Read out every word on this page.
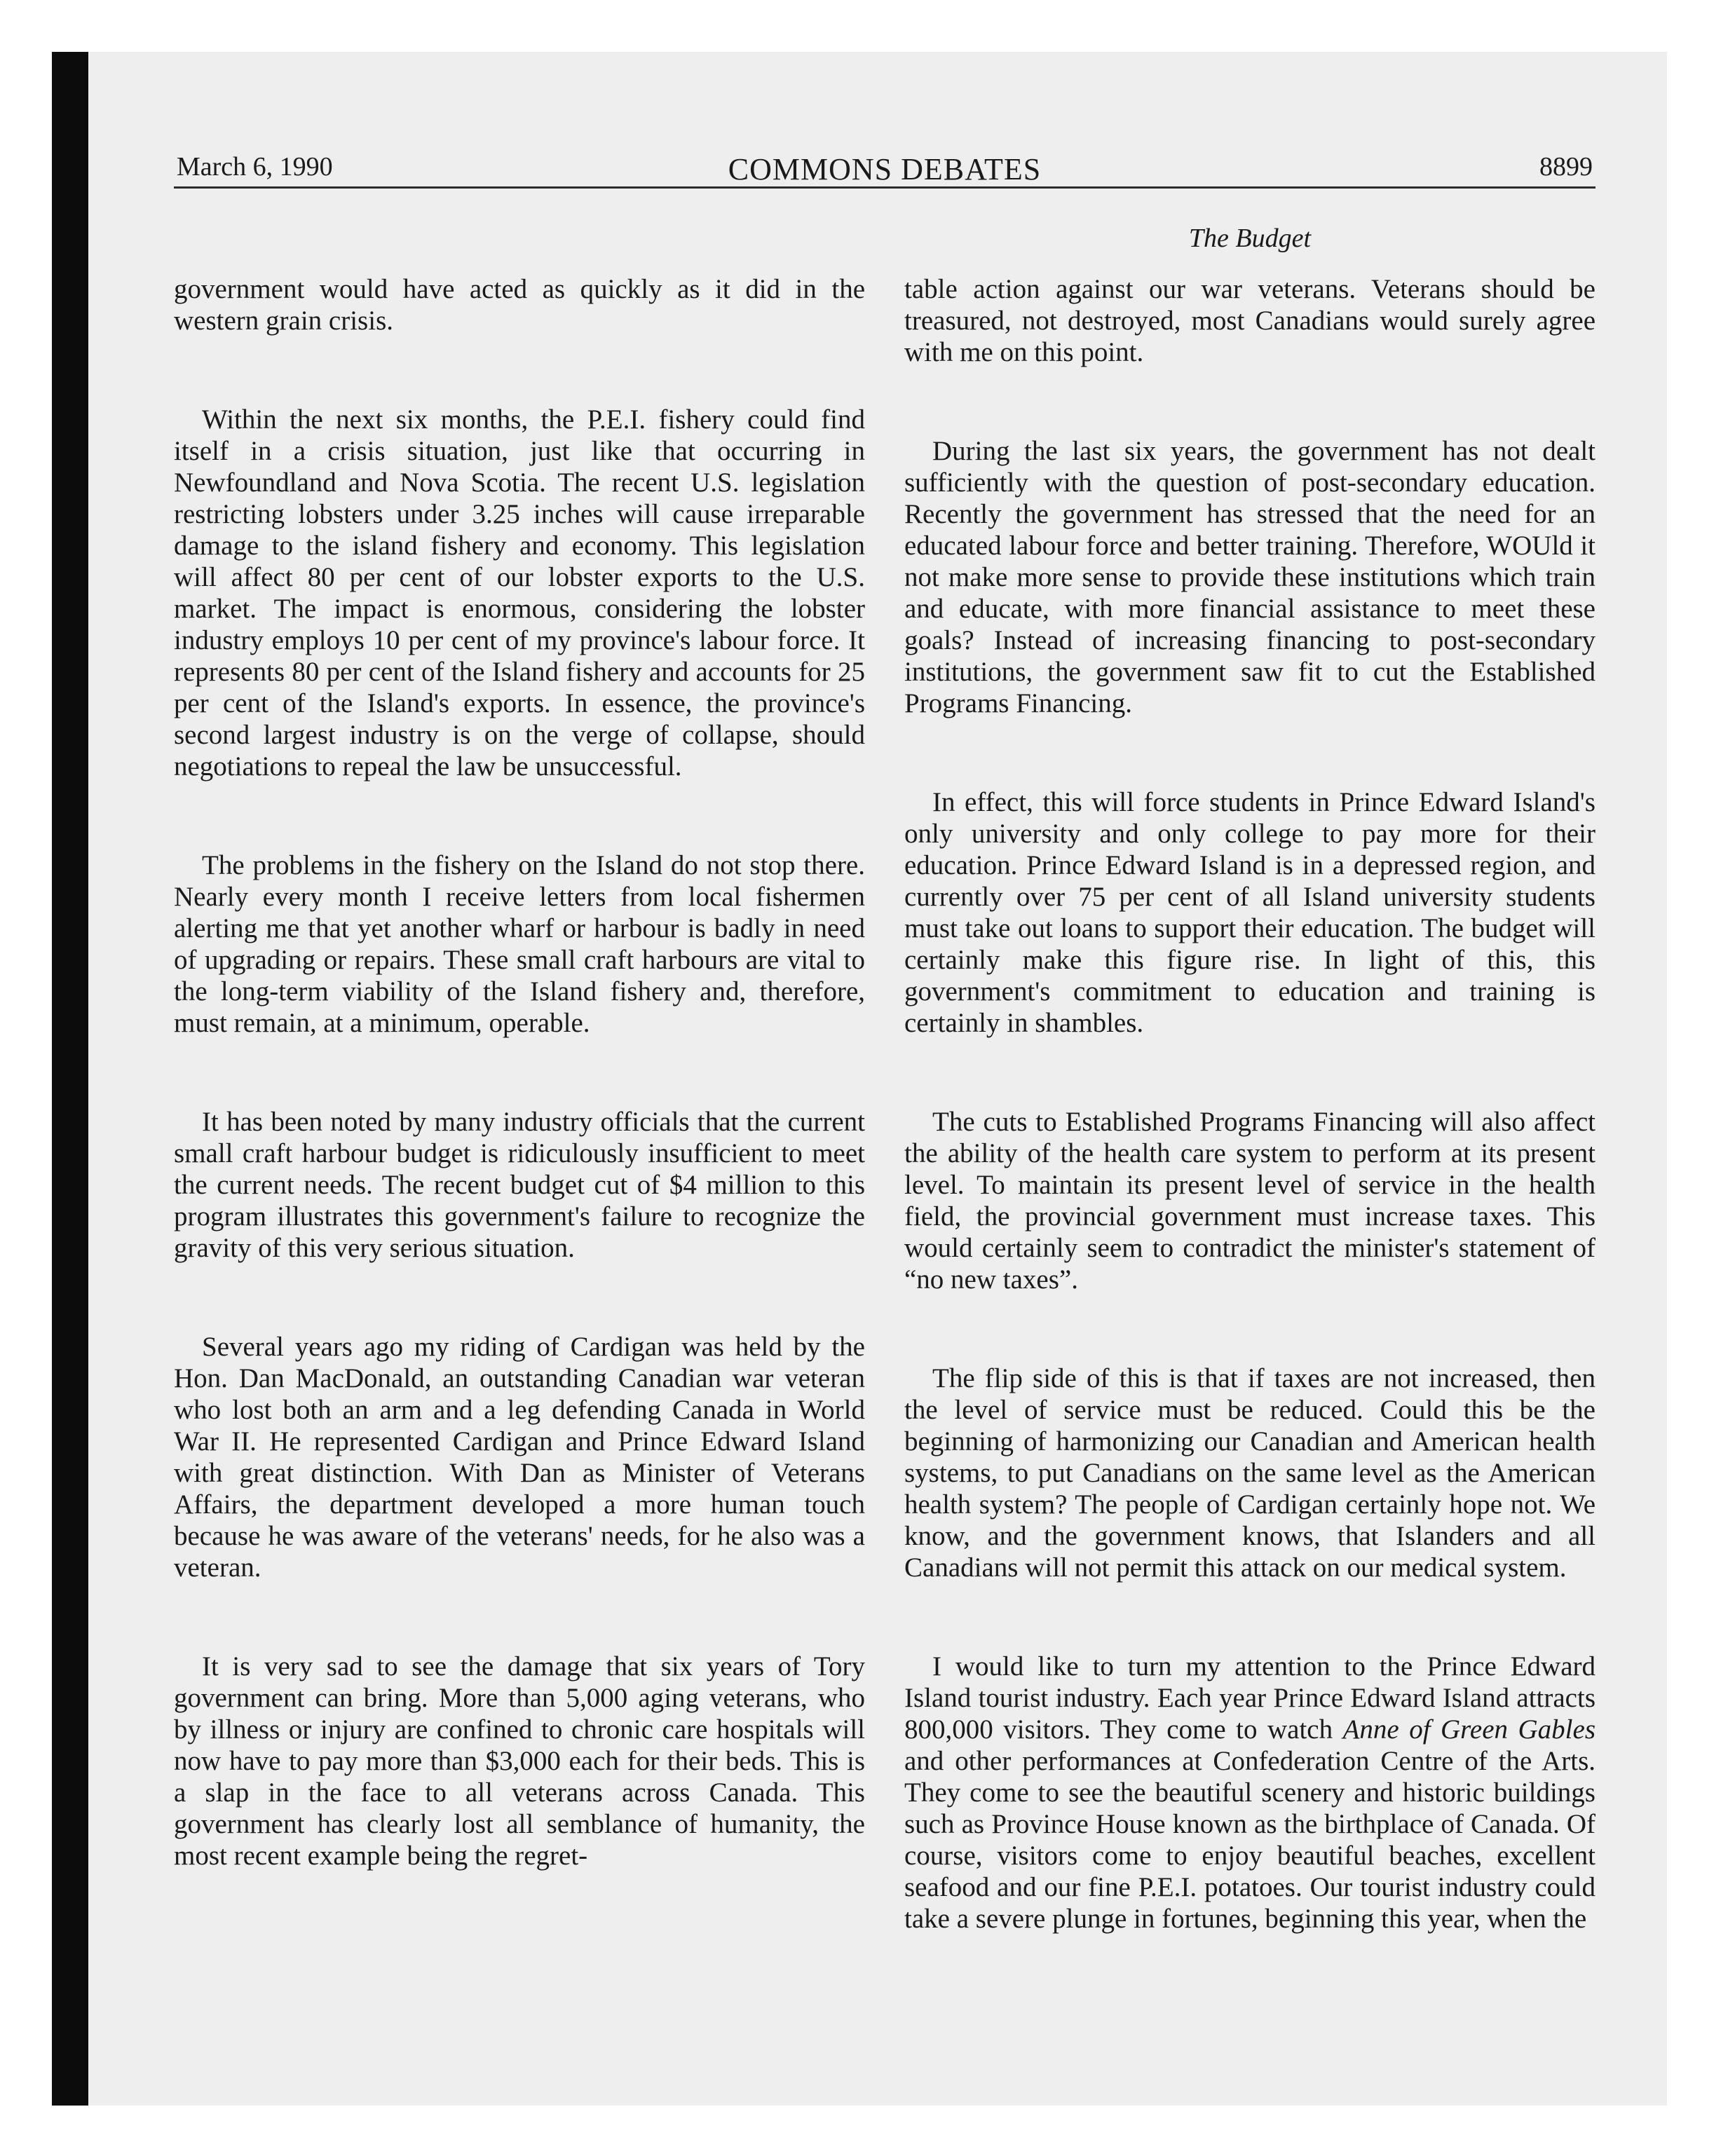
March 6, 1990	COMMONS DEBATES	8899
The Budget

government would have acted as quickly as it did in the western grain crisis.

Within the next six months, the P.E.I. fishery could find itself in a crisis situation, just like that occurring in Newfoundland and Nova Scotia. The recent U.S. legislation restricting lobsters under 3.25 inches will cause irreparable damage to the island fishery and economy. This legislation will affect 80 per cent of our lobster exports to the U.S. market. The impact is enormous, considering the lobster industry employs 10 per cent of my province's labour force. It represents 80 per cent of the Island fishery and accounts for 25 per cent of the Island's exports. In essence, the province's second largest industry is on the verge of collapse, should negotiations to repeal the law be unsuccessful.

The problems in the fishery on the Island do not stop there. Nearly every month I receive letters from local fishermen alerting me that yet another wharf or harbour is badly in need of upgrading or repairs. These small craft harbours are vital to the long-term viability of the Island fishery and, therefore, must remain, at a minimum, operable.

It has been noted by many industry officials that the current small craft harbour budget is ridiculously insufficient to meet the current needs. The recent budget cut of $4 million to this program illustrates this government's failure to recognize the gravity of this very serious situation.

Several years ago my riding of Cardigan was held by the Hon. Dan MacDonald, an outstanding Canadian war veteran who lost both an arm and a leg defending Canada in World War II. He represented Cardigan and Prince Edward Island with great distinction. With Dan as Minister of Veterans Affairs, the department developed a more human touch because he was aware of the veterans' needs, for he also was a veteran.

It is very sad to see the damage that six years of Tory government can bring. More than 5,000 aging veterans, who by illness or injury are confined to chronic care hospitals will now have to pay more than $3,000 each for their beds. This is a slap in the face to all veterans across Canada. This government has clearly lost all semblance of humanity, the most recent example being the regret-

table action against our war veterans. Veterans should be treasured, not destroyed, most Canadians would surely agree with me on this point.

During the last six years, the government has not dealt sufficiently with the question of post-secondary education. Recently the government has stressed that the need for an educated labour force and better training. Therefore, WOUld it not make more sense to provide these institutions which train and educate, with more financial assistance to meet these goals? Instead of increasing financing to post-secondary institutions, the government saw fit to cut the Established Programs Financing.

In effect, this will force students in Prince Edward Island's only university and only college to pay more for their education. Prince Edward Island is in a depressed region, and currently over 75 per cent of all Island university students must take out loans to support their education. The budget will certainly make this figure rise. In light of this, this government's commitment to education and training is certainly in shambles.

The cuts to Established Programs Financing will also affect the ability of the health care system to perform at its present level. To maintain its present level of service in the health field, the provincial government must increase taxes. This would certainly seem to contradict the minister's statement of “no new taxes”.

The flip side of this is that if taxes are not increased, then the level of service must be reduced. Could this be the beginning of harmonizing our Canadian and American health systems, to put Canadians on the same level as the American health system? The people of Cardigan certainly hope not. We know, and the government knows, that Islanders and all Canadians will not permit this attack on our medical system.

I would like to turn my attention to the Prince Edward Island tourist industry. Each year Prince Edward Island attracts 800,000 visitors. They come to watch Anne of Green Gables and other performances at Confederation Centre of the Arts. They come to see the beautiful scenery and historic buildings such as Province House known as the birthplace of Canada. Of course, visitors come to enjoy beautiful beaches, excellent seafood and our fine P.E.I. potatoes. Our tourist industry could take a severe plunge in fortunes, beginning this year, when the
